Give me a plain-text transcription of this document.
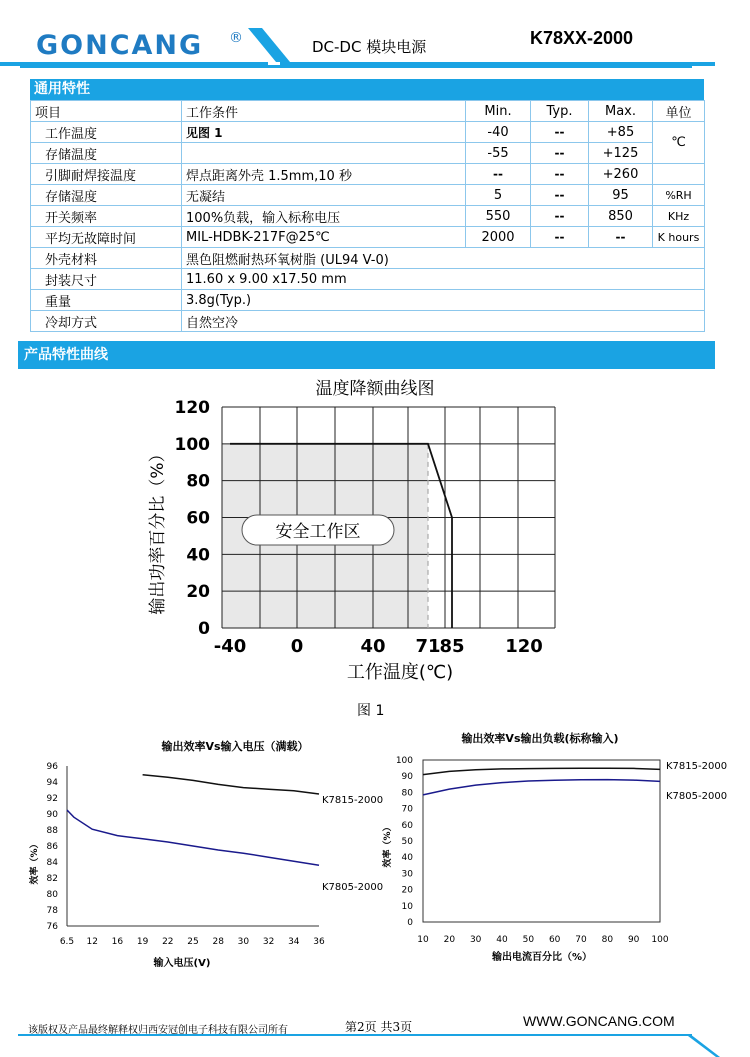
GONCANG ®	DC-DC 模块电源	K78XX-2000
通用特性
项目	工作条件	Min.	Typ.	Max.	单位
工作温度	见图 1	-40	--	+85	℃
存储温度		-55	--	+125	
引脚耐焊接温度	焊点距离外壳 1.5mm,10 秒	--	--	+260	
存储湿度	无凝结	5	--	95	%RH
开关频率	100%负载，输入标称电压	550	--	850	KHz
平均无故障时间	MIL-HDBK-217F@25℃	2000	--	--	K hours
外壳材料	黑色阻燃耐热环氧树脂 (UL94 V-0)				
封装尺寸	11.60 x 9.00 x17.50 mm				
重量	3.8g(Typ.)				
冷却方式	自然空冷				
产品特性曲线
温度降额曲线图
0
20
40
60
80
100
120
-40 0	40 71
85 120
安全工作区
输出功率百分比（%）
工作温度(℃)
图 1
输出效率Vs输入电压（满载）
76
78
80
82
84
86
88
90
92
94
96
6.5 12 16 19 22 25 28 30 32 34 36
K7815-2000
K7805-2000
效率（%）
输入电压(V)
输出效率Vs输出负载(标称输入)
0
10
20
30
40
50
60
70
80
90
100
10 20 30 40 50 60 70 80 90 100
K7815-2000
K7805-2000
效率（%）
输出电流百分比（%）
该版权及产品最终解释权归西安冠创电子科技有限公司所有	第2页 共3页	WWW.GONCANG.COM
